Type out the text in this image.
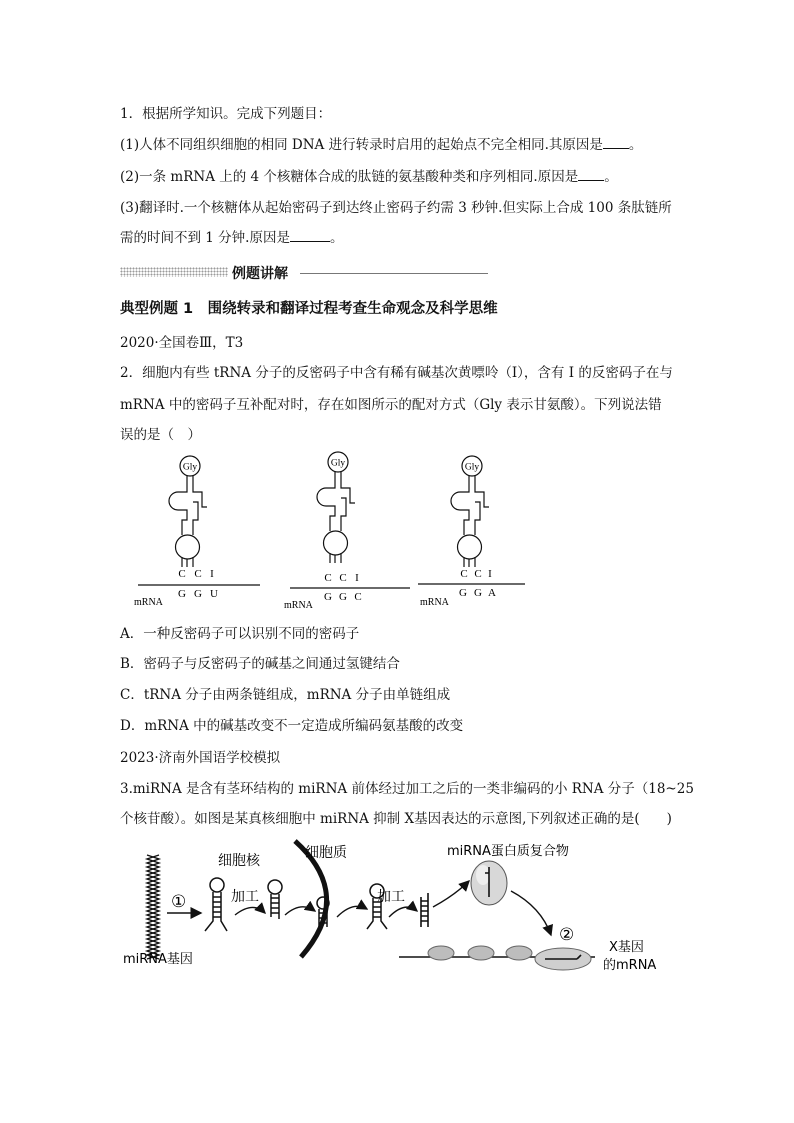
1．根据所学知识。完成下列题目：
(1)人体不同组织细胞的相同 DNA 进行转录时启用的起始点不完全相同.其原因是 。
(2)一条 mRNA 上的 4 个核糖体合成的肽链的氨基酸种类和序列相同.原因是 。
(3)翻译时.一个核糖体从起始密码子到达终止密码子约需 3 秒钟.但实际上合成 100 条肽链所
需的时间不到 1 分钟.原因是	。
例题讲解
典型例题 1　围绕转录和翻译过程考查生命观念及科学思维
2020·全国卷Ⅲ，T3
2．细胞内有些 tRNA 分子的反密码子中含有稀有碱基次黄嘌呤（I），含有 I 的反密码子在与
mRNA 中的密码子互补配对时，存在如图所示的配对方式（Gly 表示甘氨酸）。下列说法错
误的是（　）
Gly	Gly	Gly
C C I	C C I	C C I
G G U	G G C	G G A
mRNA	mRNA	mRNA
A．一种反密码子可以识别不同的密码子
B．密码子与反密码子的碱基之间通过氢键结合
C．tRNA 分子由两条链组成，mRNA 分子由单链组成
D．mRNA 中的碱基改变不一定造成所编码氨基酸的改变
2023·济南外国语学校模拟
3.miRNA 是含有茎环结构的 miRNA 前体经过加工之后的一类非编码的小 RNA 分子（18~25
个核苷酸）。如图是某真核细胞中 miRNA 抑制 X基因表达的示意图,下列叙述正确的是(　　)
miRNA基因
①
细胞核
加工
细胞质
加工
miRNA蛋白质复合物
②
X基因
的mRNA
